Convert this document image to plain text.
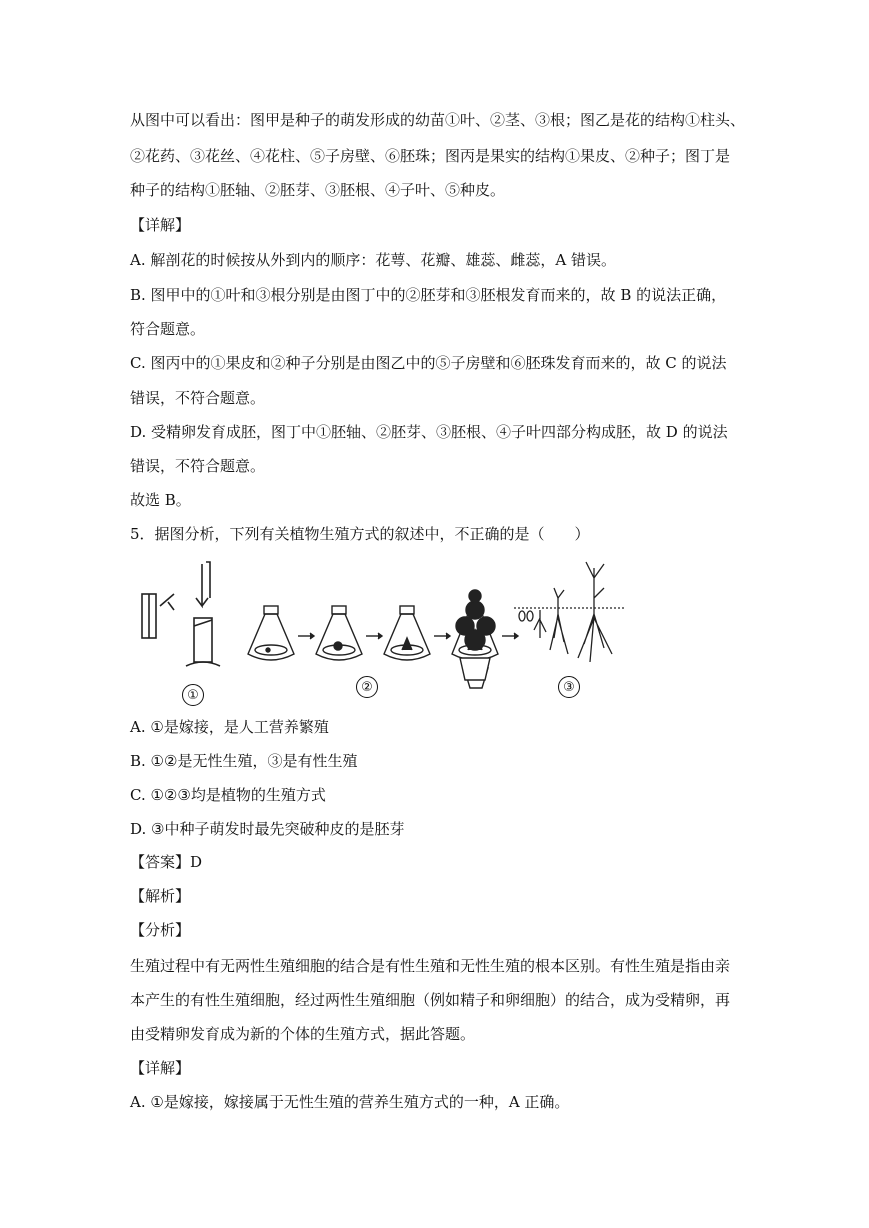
从图中可以看出：图甲是种子的萌发形成的幼苗①叶、②茎、③根；图乙是花的结构①柱头、
②花药、③花丝、④花柱、⑤子房壁、⑥胚珠；图丙是果实的结构①果皮、②种子；图丁是
种子的结构①胚轴、②胚芽、③胚根、④子叶、⑤种皮。
【详解】
A. 解剖花的时候按从外到内的顺序：花萼、花瓣、雄蕊、雌蕊，A 错误。
B. 图甲中的①叶和③根分别是由图丁中的②胚芽和③胚根发育而来的，故 B 的说法正确，
符合题意。
C. 图丙中的①果皮和②种子分别是由图乙中的⑤子房壁和⑥胚珠发育而来的，故 C 的说法
错误，不符合题意。
D. 受精卵发育成胚，图丁中①胚轴、②胚芽、③胚根、④子叶四部分构成胚，故 D 的说法
错误，不符合题意。
故选 B。
5．据图分析，下列有关植物生殖方式的叙述中，不正确的是（　　）
①
②	③
A. ①是嫁接，是人工营养繁殖
B. ①②是无性生殖，③是有性生殖
C. ①②③均是植物的生殖方式
D. ③中种子萌发时最先突破种皮的是胚芽
【答案】D
【解析】
【分析】
生殖过程中有无两性生殖细胞的结合是有性生殖和无性生殖的根本区别。有性生殖是指由亲
本产生的有性生殖细胞，经过两性生殖细胞（例如精子和卵细胞）的结合，成为受精卵，再
由受精卵发育成为新的个体的生殖方式，据此答题。
【详解】
A. ①是嫁接，嫁接属于无性生殖的营养生殖方式的一种，A 正确。
